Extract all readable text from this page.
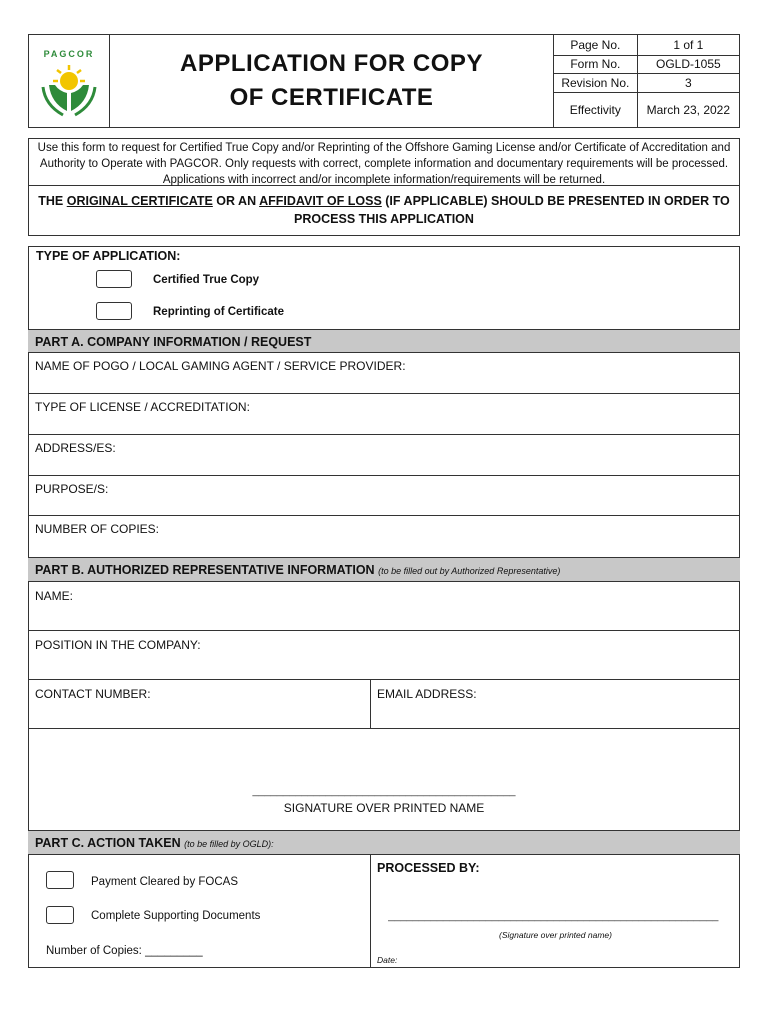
PAGCOR	APPLICATION FOR COPY
OF CERTIFICATE
Page No.	1 of 1
Form No.	OGLD-1055
Revision No.	3
Effectivity	March 23, 2022
Use this form to request for Certified True Copy and/or Reprinting of the Offshore Gaming License and/or Certificate of Accreditation and Authority to Operate with PAGCOR. Only requests with correct, complete information and documentary requirements will be processed. Applications with incorrect and/or incomplete information/requirements will be returned.
THE ORIGINAL CERTIFICATE OR AN AFFIDAVIT OF LOSS (IF APPLICABLE) SHOULD BE PRESENTED IN ORDER TO PROCESS THIS APPLICATION
TYPE OF APPLICATION:
Certified True Copy
Reprinting of Certificate
PART A. COMPANY INFORMATION / REQUEST
NAME OF POGO / LOCAL GAMING AGENT / SERVICE PROVIDER:
TYPE OF LICENSE / ACCREDITATION:
ADDRESS/ES:
PURPOSE/S:
NUMBER OF COPIES:
PART B. AUTHORIZED REPRESENTATIVE INFORMATION (to be filled out by Authorized Representative)
NAME:
POSITION IN THE COMPANY:
CONTACT NUMBER:	EMAIL ADDRESS:
___________________________________________
SIGNATURE OVER PRINTED NAME
PART C. ACTION TAKEN (to be filled by OGLD):
Payment Cleared by FOCAS
Complete Supporting Documents
Number of Copies: _________
PROCESSED BY:
______________________________________________________
(Signature over printed name)
Date:
